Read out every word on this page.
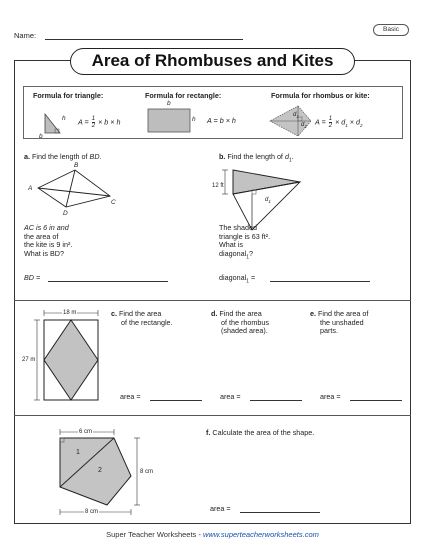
Name:
Basic
Area of Rhombuses and Kites
Formula for triangle:
b
h $A = \frac{1}{2} \times b \times h$
Formula for rectangle:
b
h A = b × h
Formula for rhombus or kite:
$d_1$
$d_2$
$A = \frac{1}{2} \times d_1 \times d_2$
a. Find the length of BD.
A
B
C
D
AC is 6 in and
the area of
the kite is 9 in².
What is BD?
BD =
b. Find the length of $d_1$.
12 ft
$d_1$
The shaded
triangle is 63 ft².
What is
diagonal$_1$?
diagonal$_1$ =
18 m
27 m
c. Find the area
of the rectangle.
d. Find the area
of the rhombus
(shaded area).
e. Find the area of
the unshaded
parts.
area =	area =	area =
6 cm
8 cm
8 cm
1
2
f. Calculate the area of the shape.
area =
Super Teacher Worksheets - www.superteacherworksheets.com
